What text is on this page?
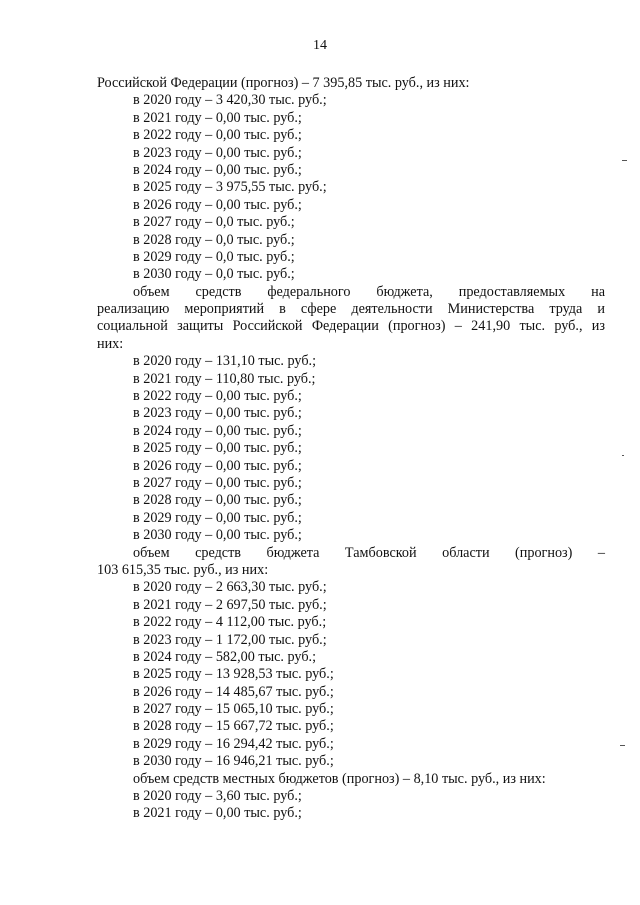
14
Российской Федерации (прогноз) – 7 395,85 тыс. руб., из них:
в 2020 году – 3 420,30 тыс. руб.;
в 2021 году – 0,00 тыс. руб.;
в 2022 году – 0,00 тыс. руб.;
в 2023 году – 0,00 тыс. руб.;
в 2024 году – 0,00 тыс. руб.;
в 2025 году – 3 975,55 тыс. руб.;
в 2026 году – 0,00 тыс. руб.;
в 2027 году – 0,0 тыс. руб.;
в 2028 году – 0,0 тыс. руб.;
в 2029 году – 0,0 тыс. руб.;
в 2030 году – 0,0 тыс. руб.;
объем средств федерального бюджета, предоставляемых на
реализацию мероприятий в сфере деятельности Министерства труда и
социальной защиты Российской Федерации (прогноз) – 241,90 тыс. руб., из
них:
в 2020 году – 131,10 тыс. руб.;
в 2021 году – 110,80 тыс. руб.;
в 2022 году – 0,00 тыс. руб.;
в 2023 году – 0,00 тыс. руб.;
в 2024 году – 0,00 тыс. руб.;
в 2025 году – 0,00 тыс. руб.;
в 2026 году – 0,00 тыс. руб.;
в 2027 году – 0,00 тыс. руб.;
в 2028 году – 0,00 тыс. руб.;
в 2029 году – 0,00 тыс. руб.;
в 2030 году – 0,00 тыс. руб.;
объем средств бюджета Тамбовской области (прогноз) –
103 615,35 тыс. руб., из них:
в 2020 году – 2 663,30 тыс. руб.;
в 2021 году – 2 697,50 тыс. руб.;
в 2022 году – 4 112,00 тыс. руб.;
в 2023 году – 1 172,00 тыс. руб.;
в 2024 году – 582,00 тыс. руб.;
в 2025 году – 13 928,53 тыс. руб.;
в 2026 году – 14 485,67 тыс. руб.;
в 2027 году – 15 065,10 тыс. руб.;
в 2028 году – 15 667,72 тыс. руб.;
в 2029 году – 16 294,42 тыс. руб.;
в 2030 году – 16 946,21 тыс. руб.;
объем средств местных бюджетов (прогноз) – 8,10 тыс. руб., из них:
в 2020 году – 3,60 тыс. руб.;
в 2021 году – 0,00 тыс. руб.;
